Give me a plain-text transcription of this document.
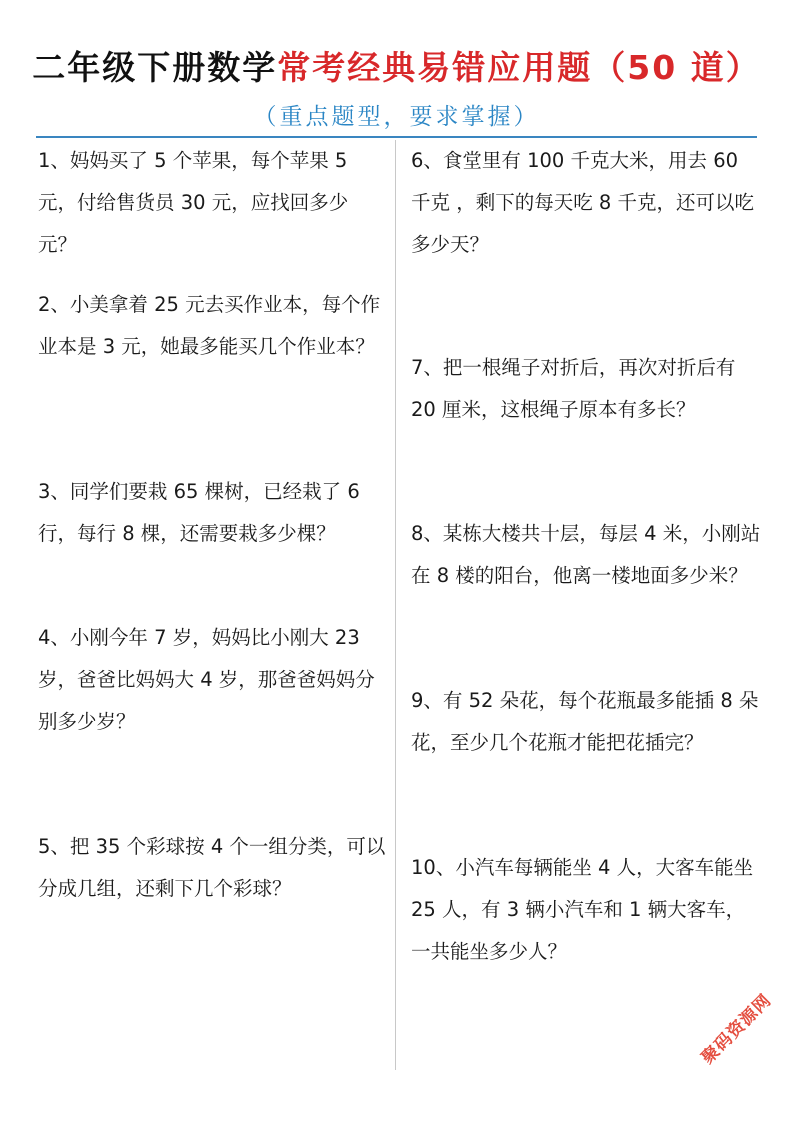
二年级下册数学常考经典易错应用题（50 道）
（重点题型，要求掌握）
1、妈妈买了 5 个苹果，每个苹果 5 元，付给售货员 30 元，应找回多少元？
2、小美拿着 25 元去买作业本，每个作业本是 3 元，她最多能买几个作业本？
3、同学们要栽 65 棵树，已经栽了 6 行，每行 8 棵，还需要栽多少棵？
4、小刚今年 7 岁，妈妈比小刚大 23 岁，爸爸比妈妈大 4 岁，那爸爸妈妈分别多少岁？
5、把 35 个彩球按 4 个一组分类，可以分成几组，还剩下几个彩球？
6、食堂里有 100 千克大米，用去 60 千克 ，剩下的每天吃 8 千克，还可以吃多少天？
7、把一根绳子对折后，再次对折后有 20 厘米，这根绳子原本有多长？
8、某栋大楼共十层，每层 4 米，小刚站在 8 楼的阳台，他离一楼地面多少米？
9、有 52 朵花，每个花瓶最多能插 8 朵花，至少几个花瓶才能把花插完？
10、小汽车每辆能坐 4 人，大客车能坐 25 人，有 3 辆小汽车和 1 辆大客车，一共能坐多少人？
聚码资源网
